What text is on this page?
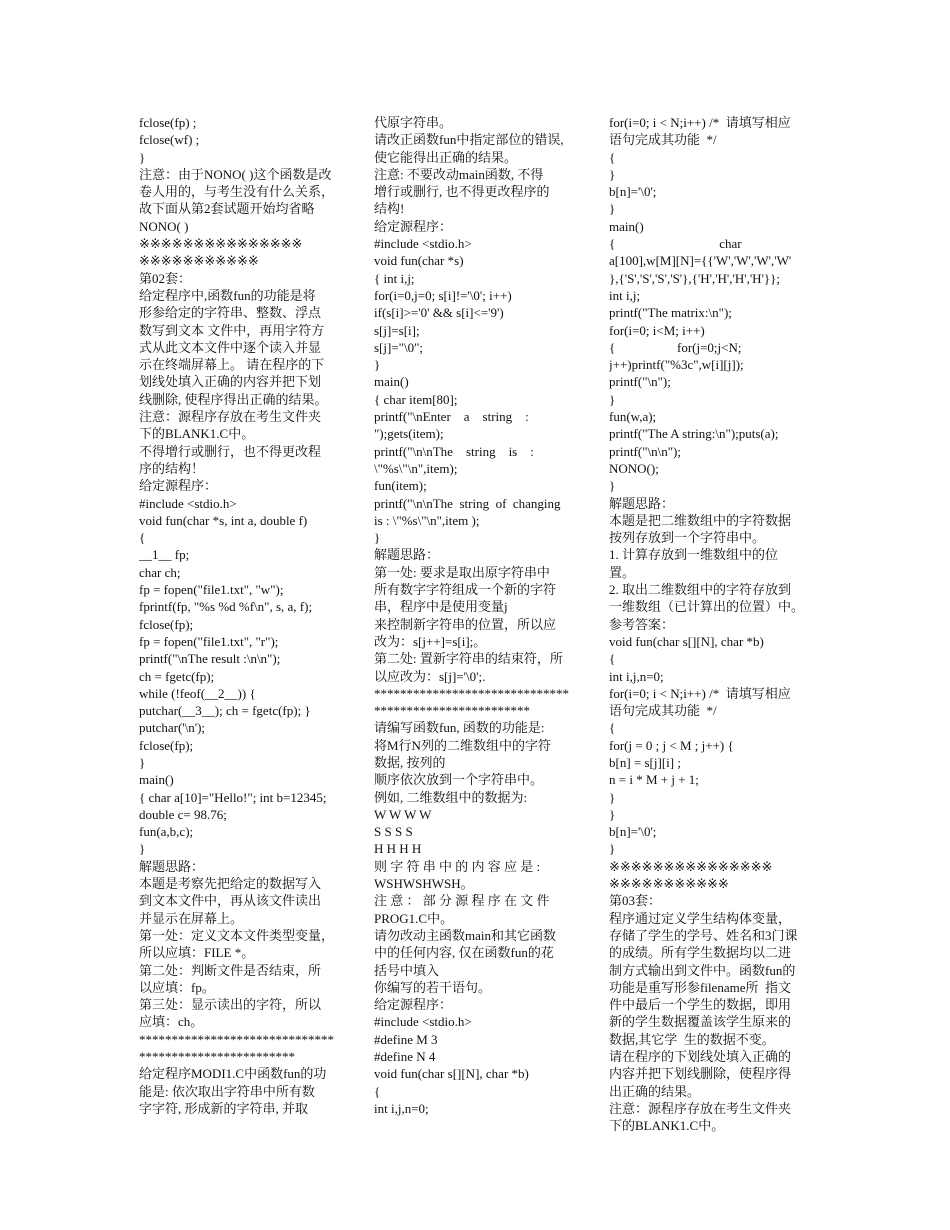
fclose(fp) ;
fclose(wf) ;
}
注意：由于NONO( )这个函数是改
卷人用的，与考生没有什么关系，
故下面从第2套试题开始均省略
NONO( )
※※※※※※※※※※※※※※※
※※※※※※※※※※※
第02套：
给定程序中,函数fun的功能是将
形参给定的字符串、整数、浮点
数写到文本 文件中，再用字符方
式从此文本文件中逐个读入并显
示在终端屏幕上。 请在程序的下
划线处填入正确的内容并把下划
线删除, 使程序得出正确的结果。
注意：源程序存放在考生文件夹
下的BLANK1.C中。
不得增行或删行，也不得更改程
序的结构！
给定源程序：
#include <stdio.h>
void fun(char *s, int a, double f)
{
__1__ fp;
char ch;
fp = fopen("file1.txt", "w");
fprintf(fp, "%s %d %f\n", s, a, f);
fclose(fp);
fp = fopen("file1.txt", "r");
printf("\nThe result :\n\n");
ch = fgetc(fp);
while (!feof(__2__)) {
putchar(__3__); ch = fgetc(fp); }
putchar('\n');
fclose(fp);
}
main()
{ char a[10]="Hello!"; int b=12345;
double c= 98.76;
fun(a,b,c);
}
解题思路：
本题是考察先把给定的数据写入
到文本文件中，再从该文件读出
并显示在屏幕上。
第一处：定义文本文件类型变量，
所以应填：FILE *。
第二处：判断文件是否结束，所
以应填：fp。
第三处：显示读出的字符，所以
应填：ch。
******************************
************************
给定程序MODI1.C中函数fun的功
能是: 依次取出字符串中所有数
字字符, 形成新的字符串, 并取
代原字符串。
请改正函数fun中指定部位的错误,
使它能得出正确的结果。
注意: 不要改动main函数, 不得
增行或删行, 也不得更改程序的
结构!
给定源程序：
#include <stdio.h>
void fun(char *s)
{ int i,j;
for(i=0,j=0; s[i]!='\0'; i++)
if(s[i]>='0' && s[i]<='9')
s[j]=s[i];
s[j]="\0";
}
main()
{ char item[80];
printf("\nEnter    a    string    :
");gets(item);
printf("\n\nThe    string    is    :
\"%s\"\n",item);
fun(item);
printf("\n\nThe  string  of  changing
is : \"%s\"\n",item );
}
解题思路：
第一处: 要求是取出原字符串中
所有数字字符组成一个新的字符
串，程序中是使用变量j
来控制新字符串的位置，所以应
改为：s[j++]=s[i];。
第二处: 置新字符串的结束符，所
以应改为：s[j]='\0';.
******************************
************************
请编写函数fun, 函数的功能是:
将M行N列的二维数组中的字符
数据, 按列的
顺序依次放到一个字符串中。
例如, 二维数组中的数据为:
W W W W
S S S S
H H H H
则 字 符 串 中 的 内 容 应 是 :
WSHWSHWSH。
注 意 ： 部 分 源 程 序 在 文 件
PROG1.C中。
请勿改动主函数main和其它函数
中的任何内容, 仅在函数fun的花
括号中填入
你编写的若干语句。
给定源程序：
#include <stdio.h>
#define M 3
#define N 4
void fun(char s[][N], char *b)
{
int i,j,n=0;
for(i=0; i < N;i++) /*  请填写相应
语句完成其功能  */
{
}
b[n]='\0';
}
main()
{                                char
a[100],w[M][N]={{'W','W','W','W'
},{'S','S','S','S'},{'H','H','H','H'}};
int i,j;
printf("The matrix:\n");
for(i=0; i<M; i++)
{                   for(j=0;j<N;
j++)printf("%3c",w[i][j]);
printf("\n");
}
fun(w,a);
printf("The A string:\n");puts(a);
printf("\n\n");
NONO();
}
解题思路：
本题是把二维数组中的字符数据
按列存放到一个字符串中。
1. 计算存放到一维数组中的位
置。
2. 取出二维数组中的字符存放到
一维数组（已计算出的位置）中。
参考答案：
void fun(char s[][N], char *b)
{
int i,j,n=0;
for(i=0; i < N;i++) /*  请填写相应
语句完成其功能  */
{
for(j = 0 ; j < M ; j++) {
b[n] = s[j][i] ;
n = i * M + j + 1;
}
}
b[n]='\0';
}
※※※※※※※※※※※※※※※
※※※※※※※※※※※
第03套：
程序通过定义学生结构体变量，
存储了学生的学号、姓名和3门课
的成绩。所有学生数据均以二进
制方式输出到文件中。函数fun的
功能是重写形参filename所  指文
件中最后一个学生的数据，即用
新的学生数据覆盖该学生原来的
数据,其它学  生的数据不变。
请在程序的下划线处填入正确的
内容并把下划线删除，使程序得
出正确的结果。
注意：源程序存放在考生文件夹
下的BLANK1.C中。
